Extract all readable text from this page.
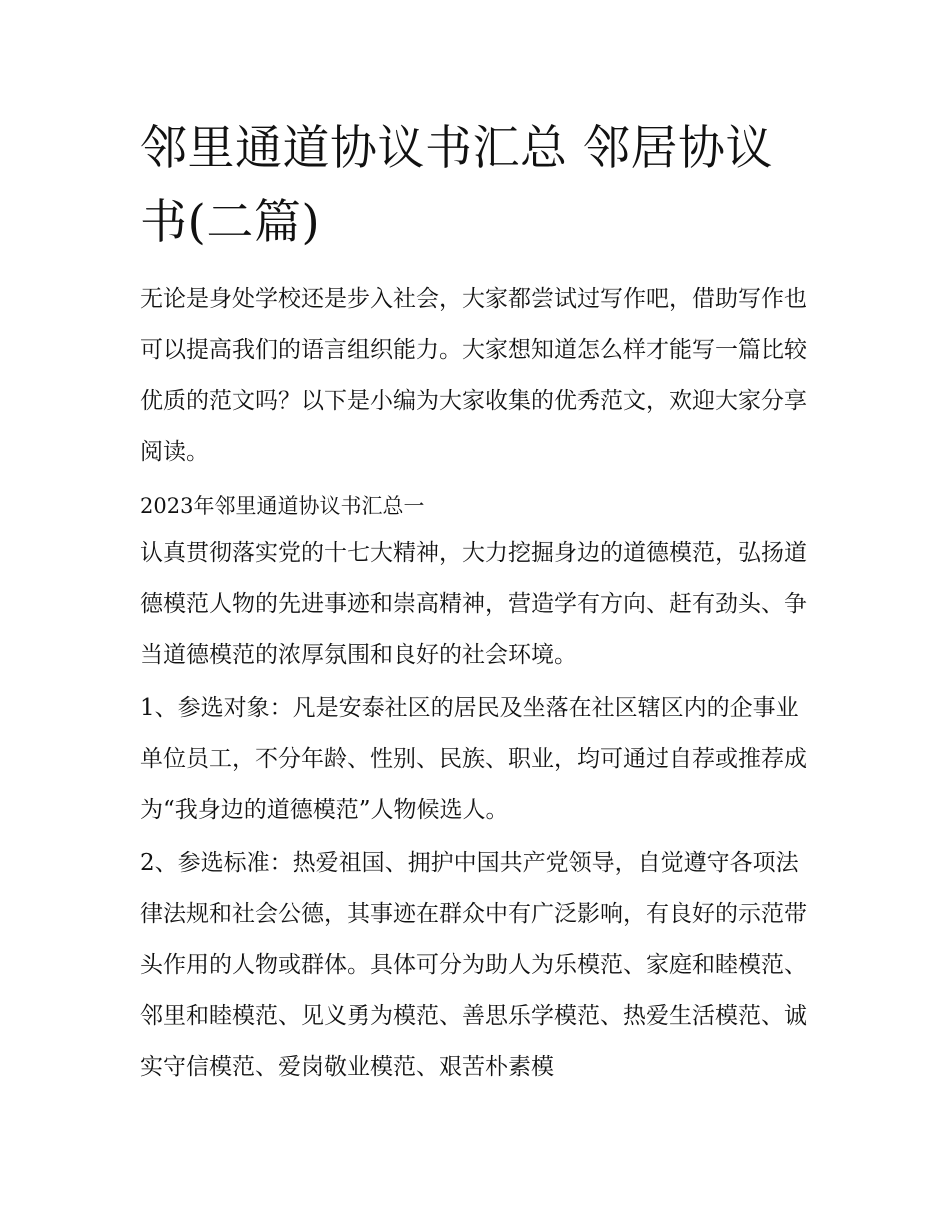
邻里通道协议书汇总 邻居协议书(二篇)

无论是身处学校还是步入社会，大家都尝试过写作吧，借助写作也可以提高我们的语言组织能力。大家想知道怎么样才能写一篇比较优质的范文吗？以下是小编为大家收集的优秀范文，欢迎大家分享阅读。

2023年邻里通道协议书汇总一

认真贯彻落实党的十七大精神，大力挖掘身边的道德模范，弘扬道德模范人物的先进事迹和崇高精神，营造学有方向、赶有劲头、争当道德模范的浓厚氛围和良好的社会环境。

1、参选对象：凡是安泰社区的居民及坐落在社区辖区内的企事业单位员工，不分年龄、性别、民族、职业，均可通过自荐或推荐成为“我身边的道德模范”人物候选人。

2、参选标准：热爱祖国、拥护中国共产党领导，自觉遵守各项法律法规和社会公德，其事迹在群众中有广泛影响，有良好的示范带头作用的人物或群体。具体可分为助人为乐模范、家庭和睦模范、邻里和睦模范、见义勇为模范、善思乐学模范、热爱生活模范、诚实守信模范、爱岗敬业模范、艰苦朴素模
